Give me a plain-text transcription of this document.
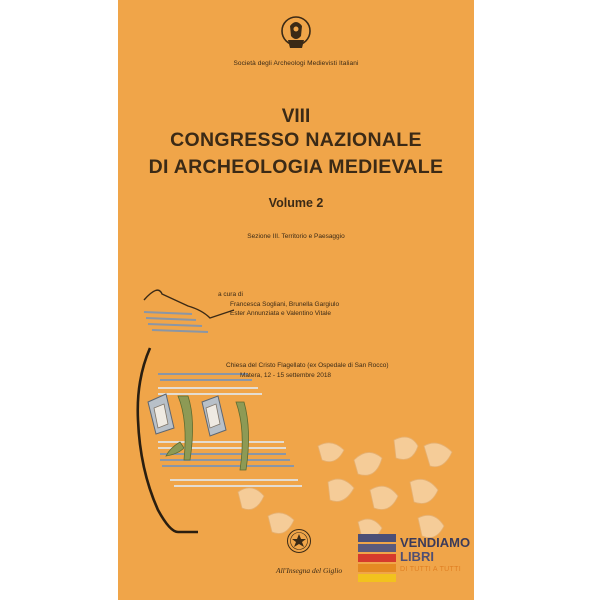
Società degli Archeologi Medievisti Italiani
VIII
CONGRESSO NAZIONALE
DI ARCHEOLOGIA MEDIEVALE
Volume 2
Sezione III. Territorio e Paesaggio
a cura di
Francesca Sogliani, Brunella Gargiulo
Ester Annunziata e Valentino Vitale
Chiesa del Cristo Flagellato (ex Ospedale di San Rocco)
Matera, 12 - 15 settembre 2018
All'Insegna del Giglio
VENDIAMO
LIBRI
DI TUTTI A TUTTI
